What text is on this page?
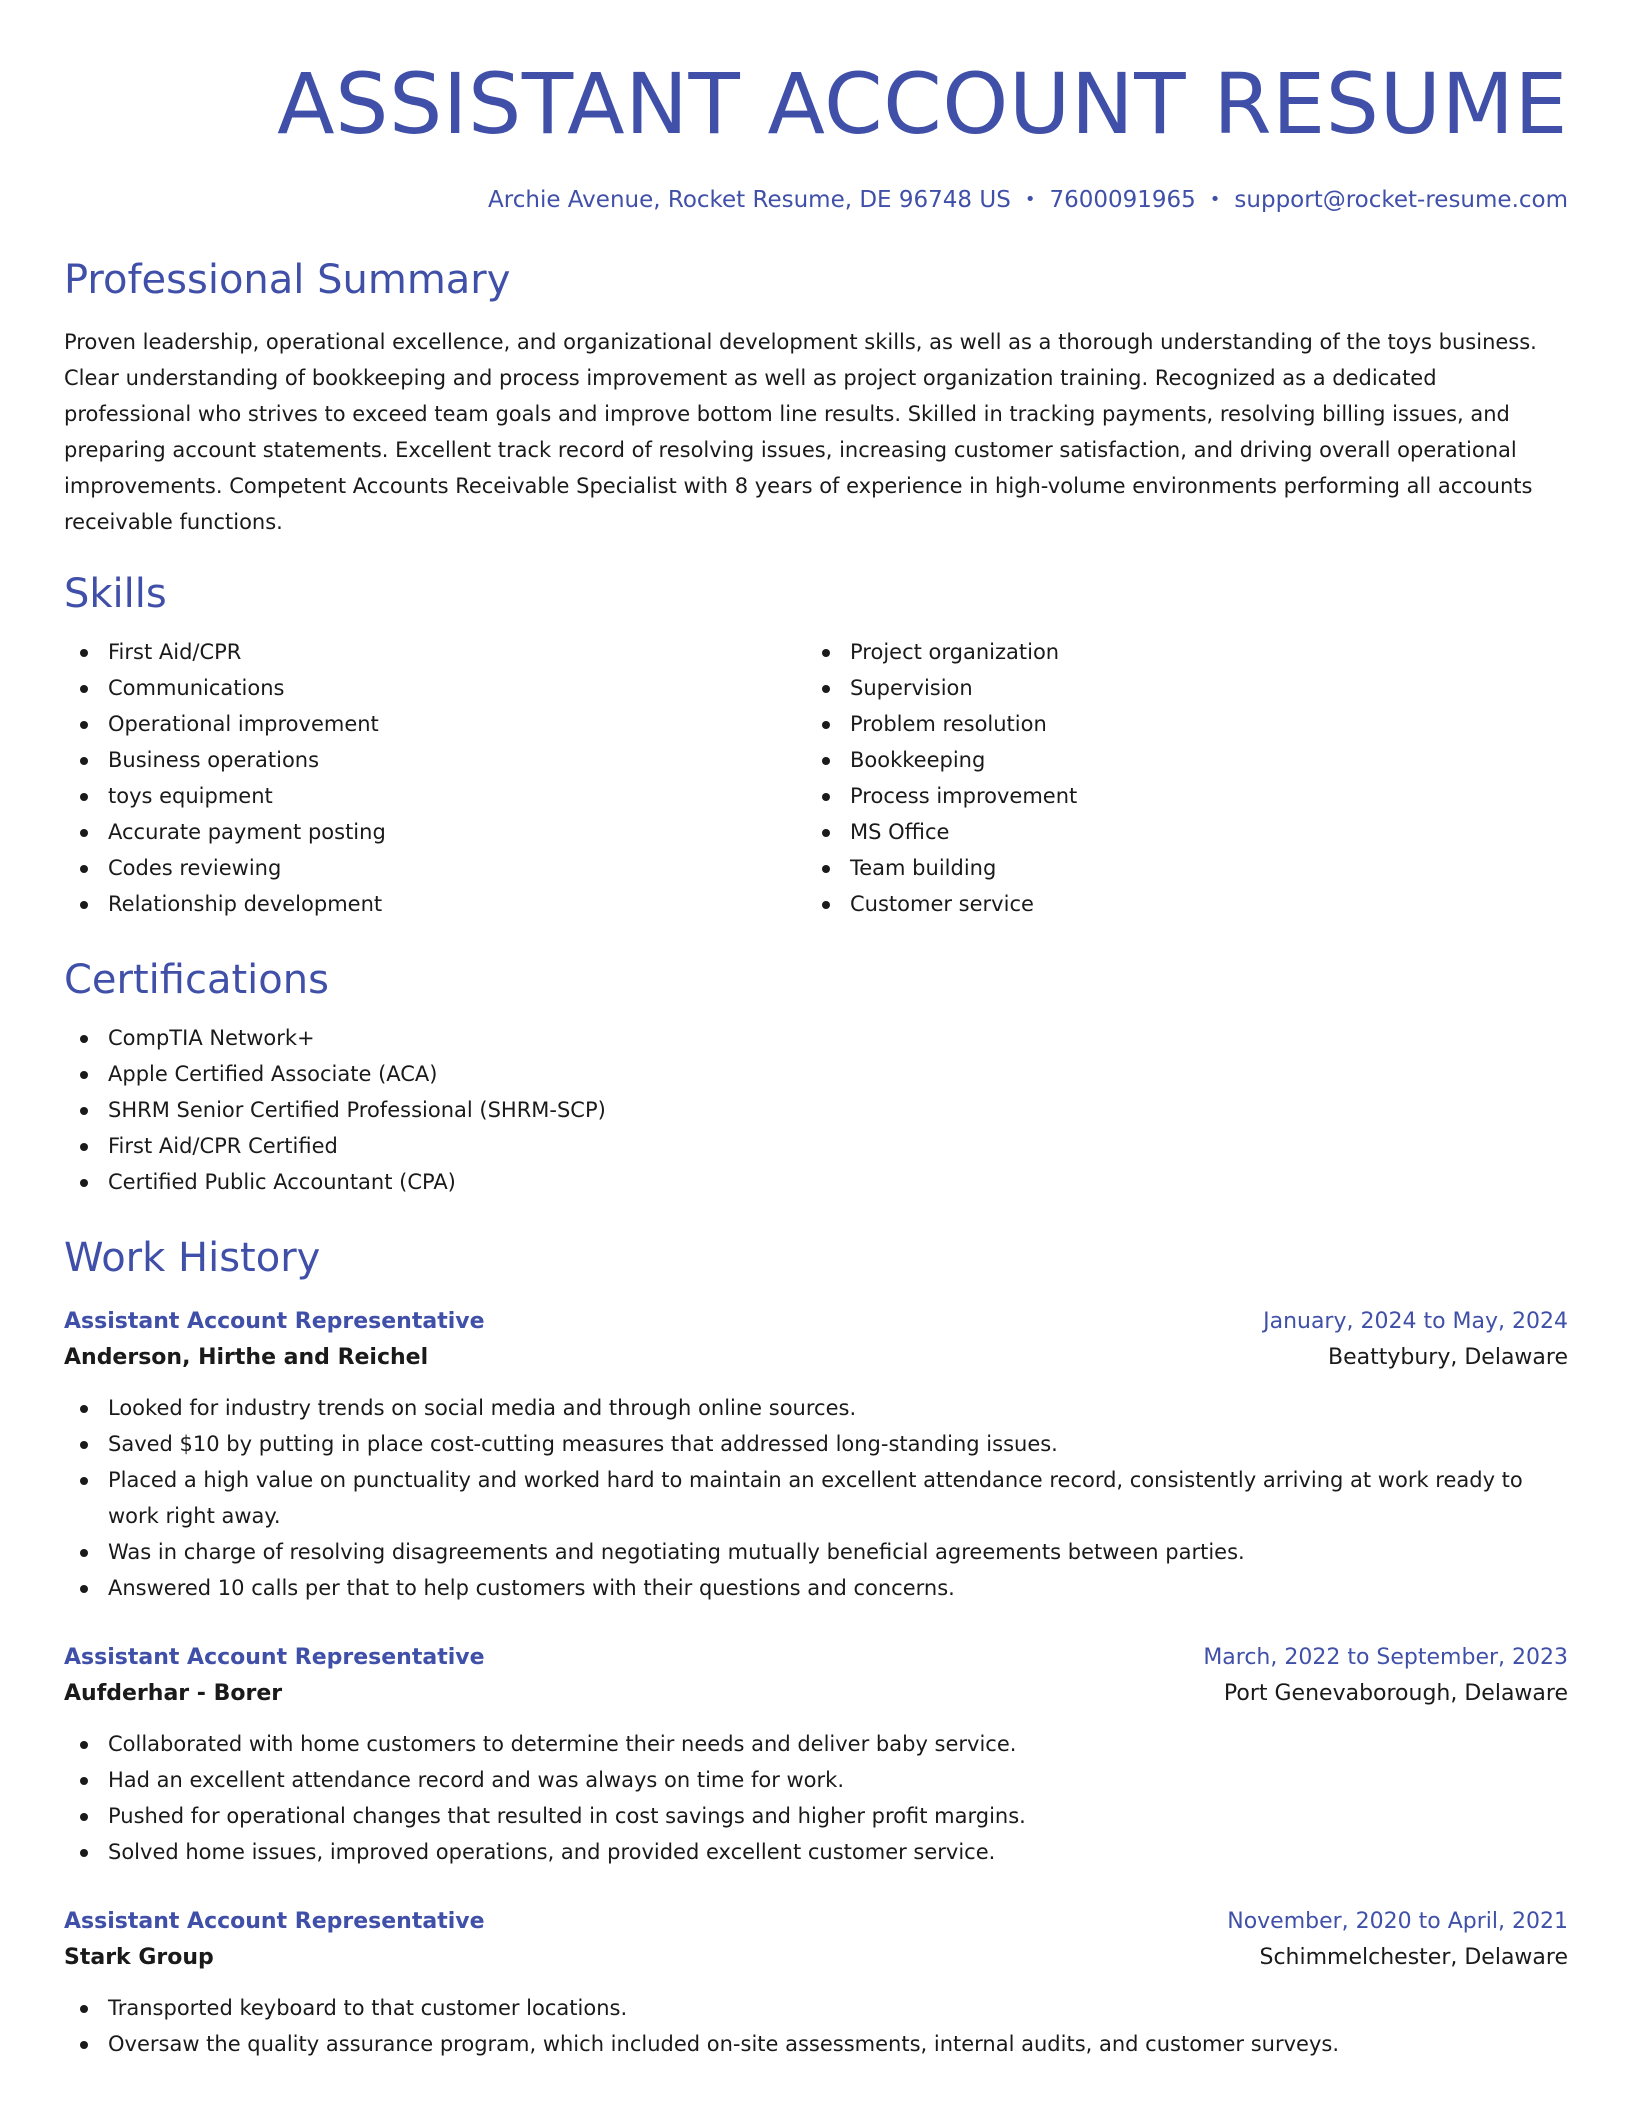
ASSISTANT ACCOUNT RESUME
Archie Avenue, Rocket Resume, DE 96748 US • 7600091965 • support@rocket-resume.com
Professional Summary

Proven leadership, operational excellence, and organizational development skills, as well as a thorough understanding of the toys business. Clear understanding of bookkeeping and process improvement as well as project organization training. Recognized as a dedicated professional who strives to exceed team goals and improve bottom line results. Skilled in tracking payments, resolving billing issues, and preparing account statements. Excellent track record of resolving issues, increasing customer satisfaction, and driving overall operational improvements. Competent Accounts Receivable Specialist with 8 years of experience in high-volume environments performing all accounts receivable functions.

Skills
First Aid/CPR
Communications
Operational improvement
Business operations
toys equipment
Accurate payment posting
Codes reviewing
Relationship development
Project organization
Supervision
Problem resolution
Bookkeeping
Process improvement
MS Office
Team building
Customer service
Certifications
CompTIA Network+
Apple Certified Associate (ACA)
SHRM Senior Certified Professional (SHRM-SCP)
First Aid/CPR Certified
Certified Public Accountant (CPA)
Work History
Assistant Account Representative	January, 2024 to May, 2024
Anderson, Hirthe and Reichel	Beattybury, Delaware
Looked for industry trends on social media and through online sources.
Saved $10 by putting in place cost-cutting measures that addressed long-standing issues.
Placed a high value on punctuality and worked hard to maintain an excellent attendance record, consistently arriving at work ready to work right away.
Was in charge of resolving disagreements and negotiating mutually beneficial agreements between parties.
Answered 10 calls per that to help customers with their questions and concerns.
Assistant Account Representative	March, 2022 to September, 2023
Aufderhar - Borer	Port Genevaborough, Delaware
Collaborated with home customers to determine their needs and deliver baby service.
Had an excellent attendance record and was always on time for work.
Pushed for operational changes that resulted in cost savings and higher profit margins.
Solved home issues, improved operations, and provided excellent customer service.
Assistant Account Representative	November, 2020 to April, 2021
Stark Group	Schimmelchester, Delaware
Transported keyboard to that customer locations.
Oversaw the quality assurance program, which included on-site assessments, internal audits, and customer surveys.
